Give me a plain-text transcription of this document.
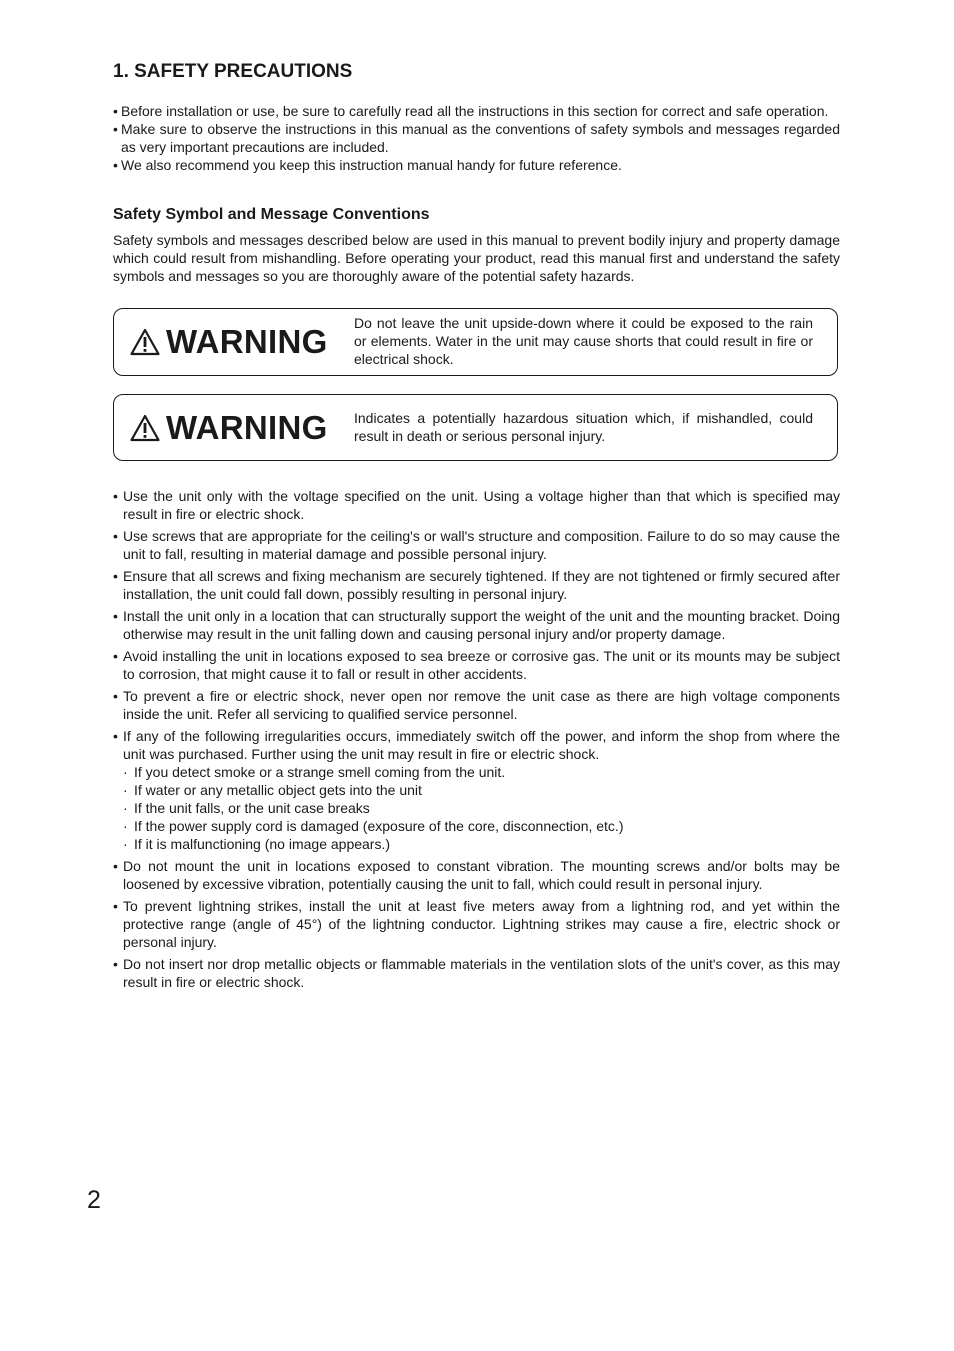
1. SAFETY PRECAUTIONS
• Before installation or use, be sure to carefully read all the instructions in this section for correct and safe operation.
• Make sure to observe the instructions in this manual as the conventions of safety symbols and messages regarded as very important precautions are included.
• We also recommend you keep this instruction manual handy for future reference.
Safety Symbol and Message Conventions

Safety symbols and messages described below are used in this manual to prevent bodily injury and property damage which could result from mishandling. Before operating your product, read this manual first and understand the safety symbols and messages so you are thoroughly aware of the potential safety hazards.

WARNING Do not leave the unit upside-down where it could be exposed to the rain or elements. Water in the unit may cause shorts that could result in fire or electrical shock.
WARNING Indicates a potentially hazardous situation which, if mishandled, could result in death or serious personal injury.
• Use the unit only with the voltage specified on the unit. Using a voltage higher than that which is specified may result in fire or electric shock.
• Use screws that are appropriate for the ceiling's or wall's structure and composition. Failure to do so may cause the unit to fall, resulting in material damage and possible personal injury.
• Ensure that all screws and fixing mechanism are securely tightened. If they are not tightened or firmly secured after installation, the unit could fall down, possibly resulting in personal injury.
• Install the unit only in a location that can structurally support the weight of the unit and the mounting bracket. Doing otherwise may result in the unit falling down and causing personal injury and/or property damage.
• Avoid installing the unit in locations exposed to sea breeze or corrosive gas. The unit or its mounts may be subject to corrosion, that might cause it to fall or result in other accidents.
• To prevent a fire or electric shock, never open nor remove the unit case as there are high voltage components inside the unit. Refer all servicing to qualified service personnel.
• If any of the following irregularities occurs, immediately switch off the power, and inform the shop from where the unit was purchased. Further using the unit may result in fire or electric shock.
· If you detect smoke or a strange smell coming from the unit.
· If water or any metallic object gets into the unit
· If the unit falls, or the unit case breaks
· If the power supply cord is damaged (exposure of the core, disconnection, etc.)
· If it is malfunctioning (no image appears.)
• Do not mount the unit in locations exposed to constant vibration. The mounting screws and/or bolts may be loosened by excessive vibration, potentially causing the unit to fall, which could result in personal injury.
• To prevent lightning strikes, install the unit at least five meters away from a lightning rod, and yet within the protective range (angle of 45°) of the lightning conductor. Lightning strikes may cause a fire, electric shock or personal injury.
• Do not insert nor drop metallic objects or flammable materials in the ventilation slots of the unit's cover, as this may result in fire or electric shock.

2
